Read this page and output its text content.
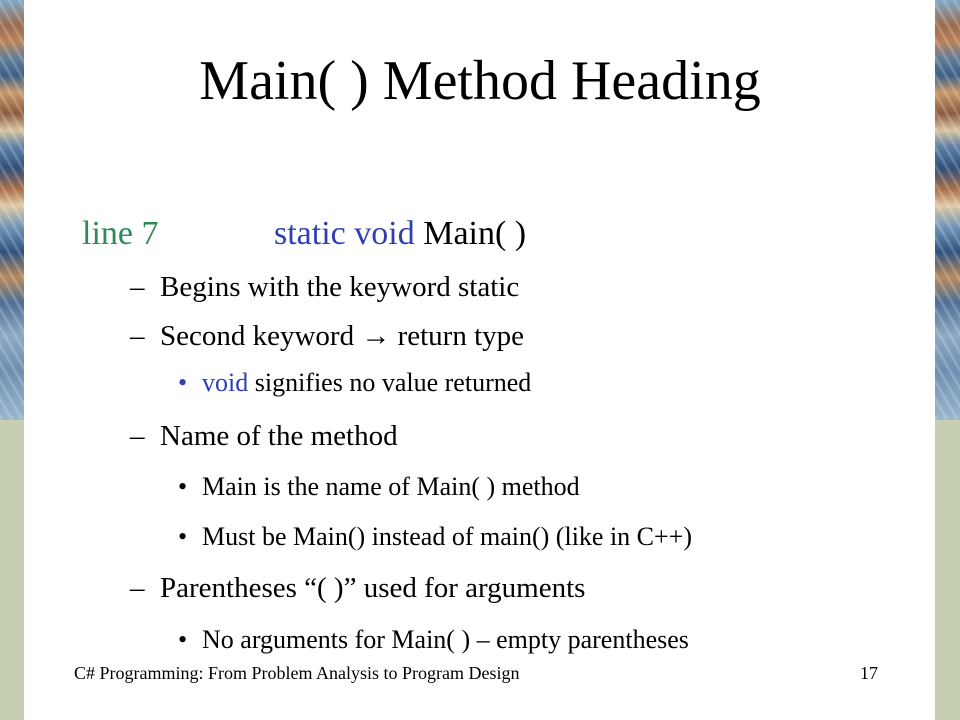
Main( ) Method Heading
line 7	static void Main( )
– Begins with the keyword static
– Second keyword → return type
• void signifies no value returned
– Name of the method
• Main is the name of Main( ) method
• Must be Main() instead of main() (like in C++)
– Parentheses “( )” used for arguments
• No arguments for Main( ) – empty parentheses
C# Programming: From Problem Analysis to Program Design	17
